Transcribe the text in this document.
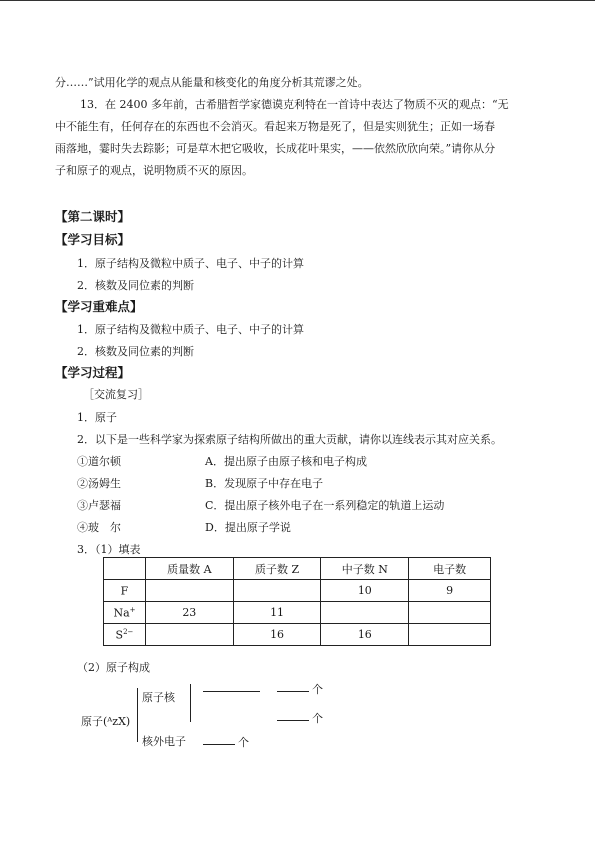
分……”试用化学的观点从能量和核变化的角度分析其荒谬之处。
13．在 2400 多年前，古希腊哲学家德谟克利特在一首诗中表达了物质不灭的观点：“无
中不能生有，任何存在的东西也不会消灭。看起来万物是死了，但是实则犹生；正如一场春
雨落地，霎时失去踪影；可是草木把它吸收，长成花叶果实，——依然欣欣向荣。”请你从分
子和原子的观点，说明物质不灭的原因。
【第二课时】
【学习目标】
1．原子结构及微粒中质子、电子、中子的计算
2．核数及同位素的判断
【学习重难点】
1．原子结构及微粒中质子、电子、中子的计算
2．核数及同位素的判断
【学习过程】
［交流复习］
1．原子
2．以下是一些科学家为探索原子结构所做出的重大贡献，请你以连线表示其对应关系。
①道尔顿	A．提出原子由原子核和电子构成
②汤姆生	B．发现原子中存在电子
③卢瑟福	C．提出原子核外电子在一系列稳定的轨道上运动
④玻　尔	D．提出原子学说
3．（1）填表
	质量数 A	质子数 Z	中子数 N	电子数
F			10	9
Na+	23	11		
$S^{2-}$		16	16	
（2）原子构成
原子(ᴬzX)
原子核
核外电子
个
个
个
